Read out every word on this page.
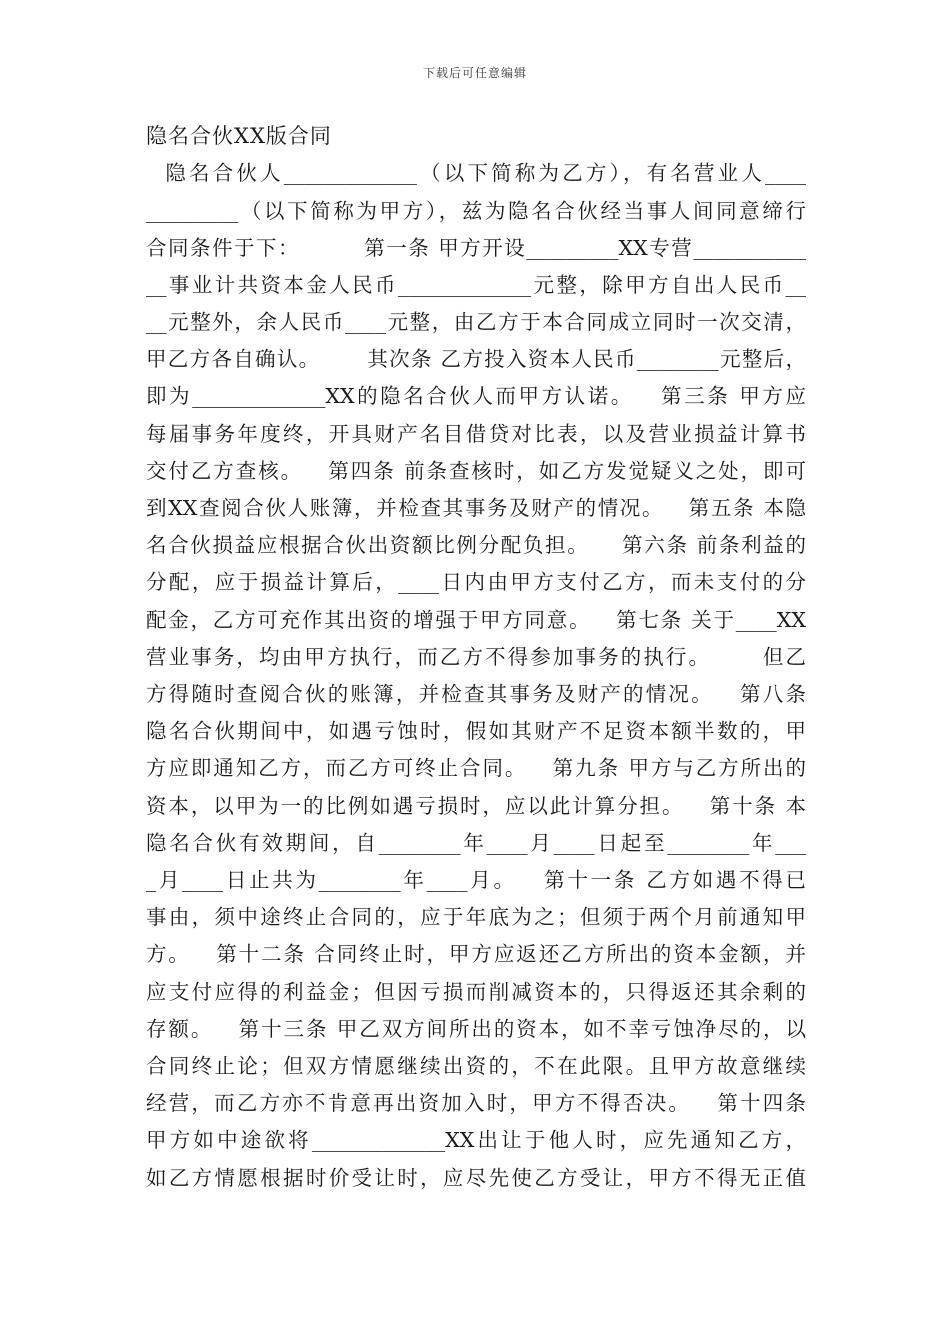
下载后可任意编辑
隐名合伙XX版合同
隐名合伙人_____________（以下简称为乙方），有名营业人____
_________（以下简称为甲方），兹为隐名合伙经当事人间同意缔行
合同条件于下：        第一条 甲方开设_________XX专营___________
__事业计共资本金人民币_____________元整，除甲方自出人民币__
__元整外，余人民币____元整，由乙方于本合同成立同时一次交清，
甲乙方各自确认。      其次条 乙方投入资本人民币________元整后，
即为_____________XX的隐名合伙人而甲方认诺。   第三条 甲方应
每届事务年度终，开具财产名目借贷对比表，以及营业损益计算书
交付乙方查核。   第四条 前条查核时，如乙方发觉疑义之处，即可
到XX查阅合伙人账簿，并检查其事务及财产的情况。   第五条 本隐
名合伙损益应根据合伙出资额比例分配负担。    第六条 前条利益的
分配，应于损益计算后，____日内由甲方支付乙方，而未支付的分
配金，乙方可充作其出资的增强于甲方同意。   第七条 关于____XX
营业事务，均由甲方执行，而乙方不得参加事务的执行。      但乙
方得随时查阅合伙的账簿，并检查其事务及财产的情况。   第八条
隐名合伙期间中，如遇亏蚀时，假如其财产不足资本额半数的，甲
方应即通知乙方，而乙方可终止合同。   第九条 甲方与乙方所出的
资本，以甲为一的比例如遇亏损时，应以此计算分担。   第十条 本
隐名合伙有效期间，自________年____月____日起至________年___
_月____日止共为________年____月。   第十一条 乙方如遇不得已
事由，须中途终止合同的，应于年底为之；但须于两个月前通知甲
方。   第十二条 合同终止时，甲方应返还乙方所出的资本金额，并
应支付应得的利益金；但因亏损而削减资本的，只得返还其余剩的
存额。   第十三条 甲乙双方间所出的资本，如不幸亏蚀净尽的，以
合同终止论；但双方情愿继续出资的，不在此限。且甲方故意继续
经营，而乙方亦不肯意再出资加入时，甲方不得否决。   第十四条
甲方如中途欲将_____________XX出让于他人时，应先通知乙方，
如乙方情愿根据时价受让时，应尽先使乙方受让，甲方不得无正值
